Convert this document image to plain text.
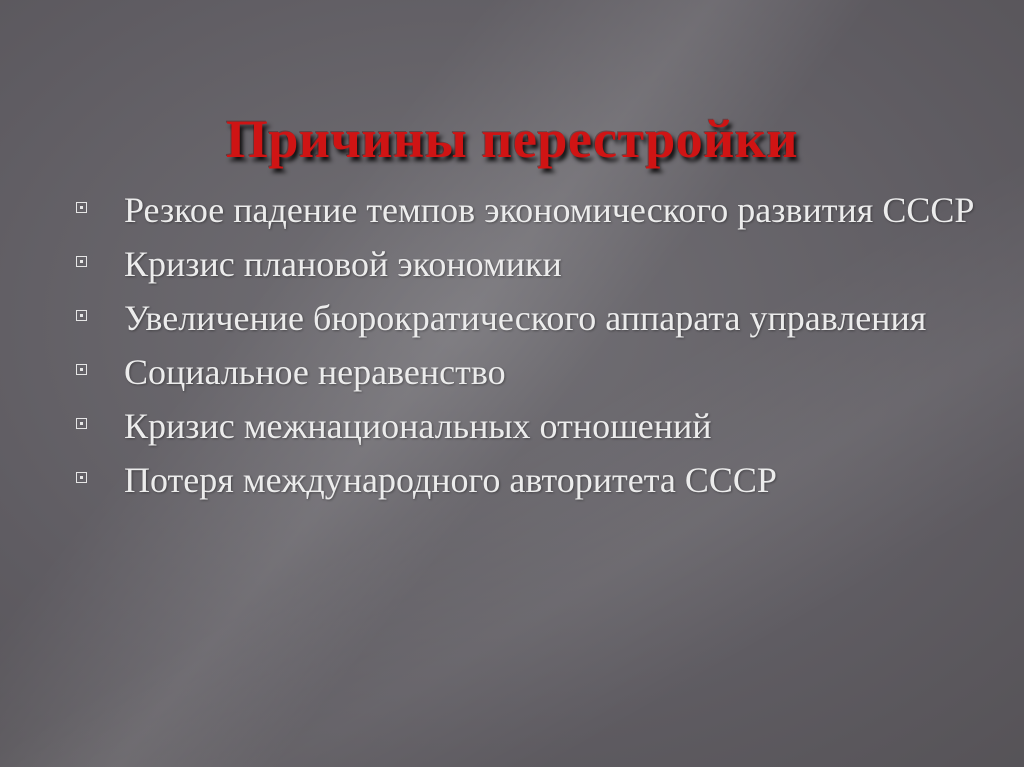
Причины перестройки
Резкое падение темпов экономического развития СССР
Кризис плановой экономики
Увеличение бюрократического аппарата управления
Социальное неравенство
Кризис межнациональных отношений
Потеря международного авторитета СССР
